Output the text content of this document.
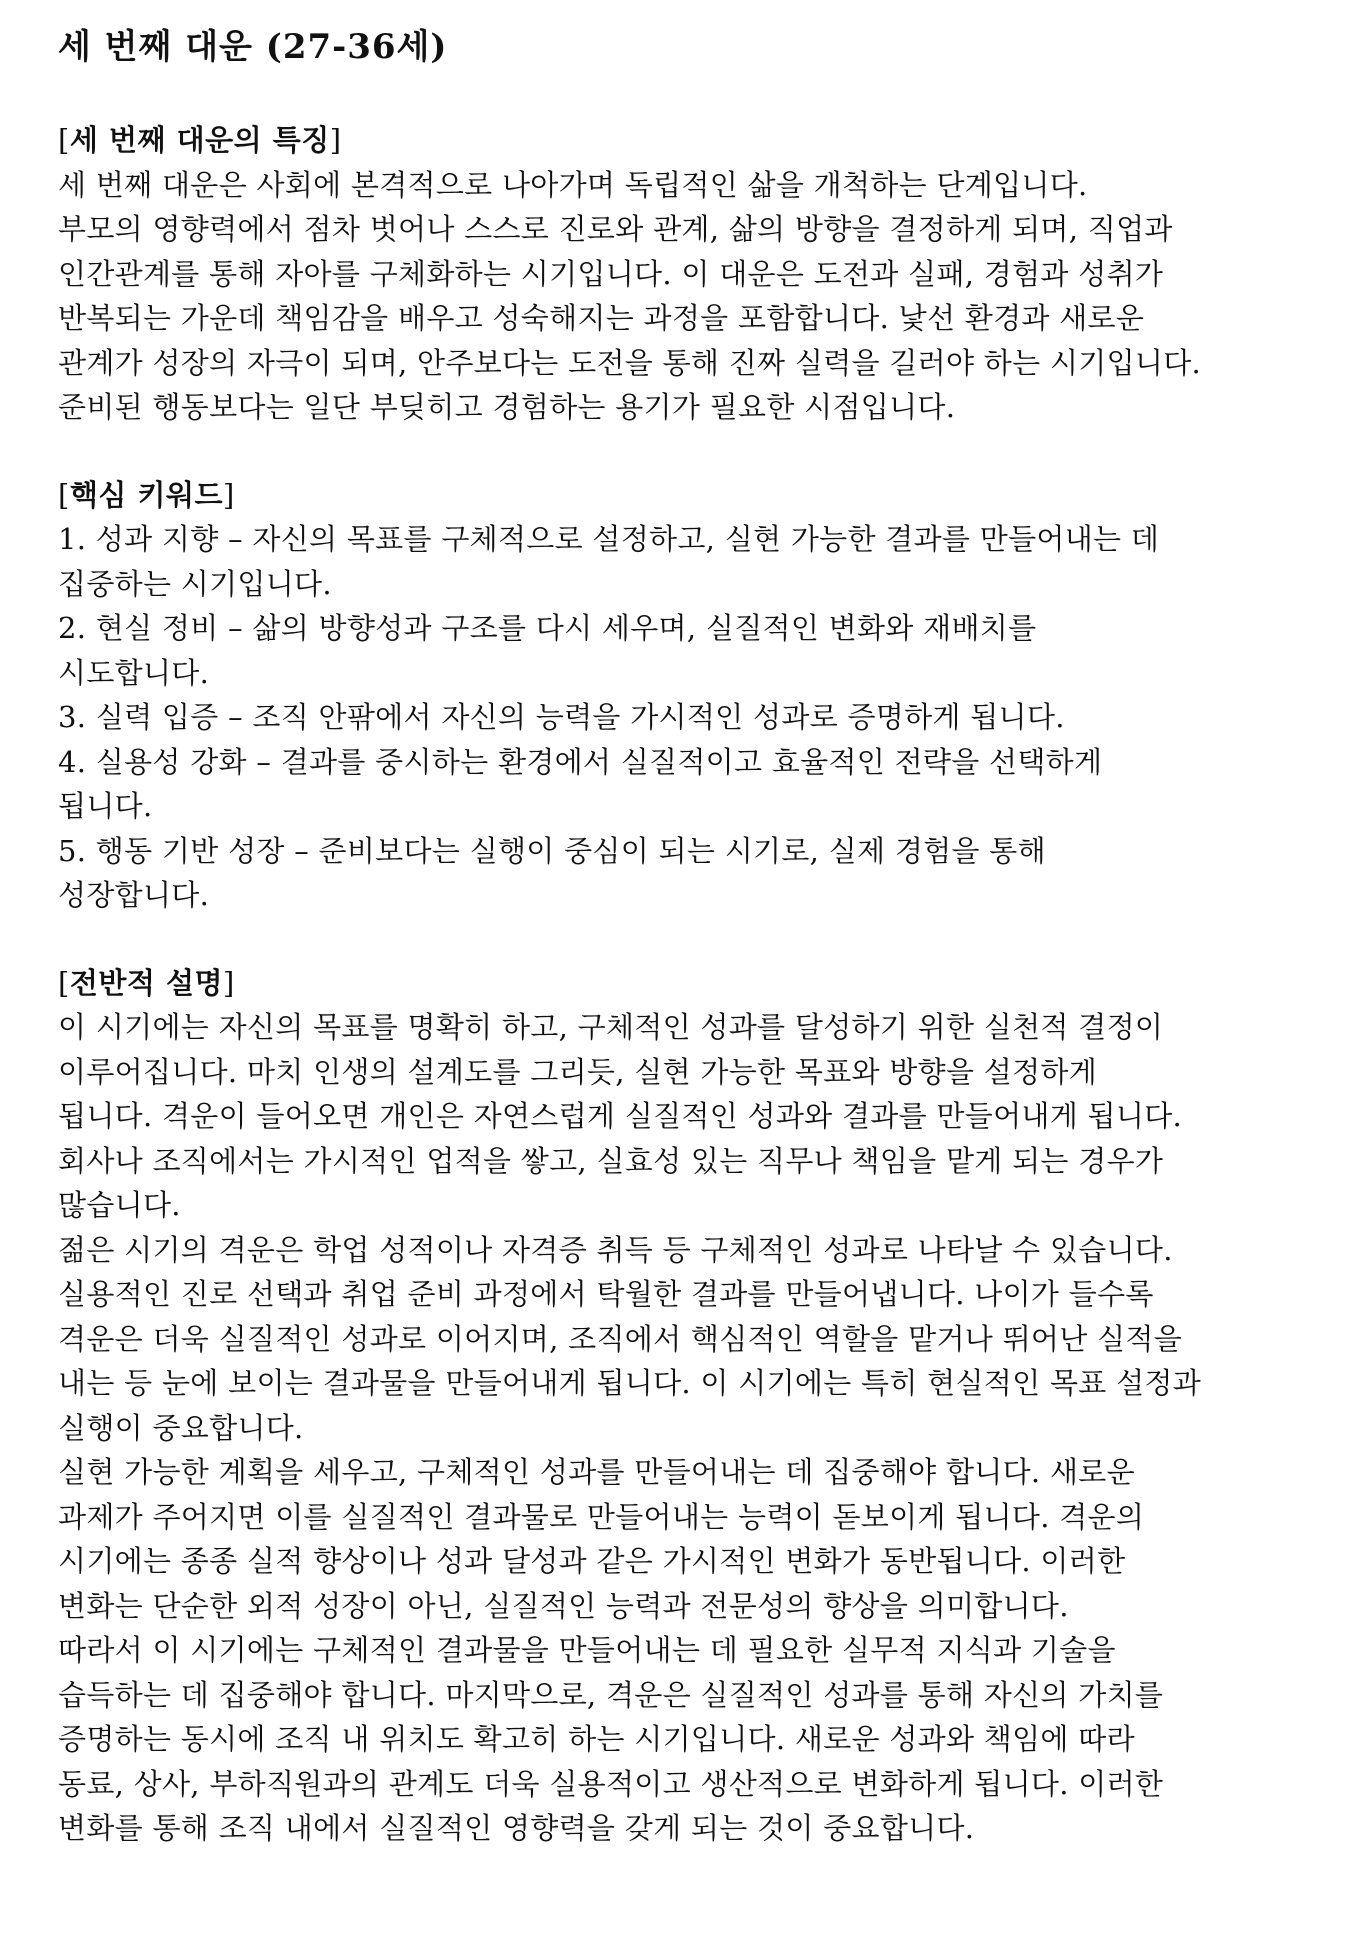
세 번째 대운 (27-36세)
[세 번째 대운의 특징]
세 번째 대운은 사회에 본격적으로 나아가며 독립적인 삶을 개척하는 단계입니다.
부모의 영향력에서 점차 벗어나 스스로 진로와 관계, 삶의 방향을 결정하게 되며, 직업과
인간관계를 통해 자아를 구체화하는 시기입니다. 이 대운은 도전과 실패, 경험과 성취가
반복되는 가운데 책임감을 배우고 성숙해지는 과정을 포함합니다. 낯선 환경과 새로운
관계가 성장의 자극이 되며, 안주보다는 도전을 통해 진짜 실력을 길러야 하는 시기입니다.
준비된 행동보다는 일단 부딪히고 경험하는 용기가 필요한 시점입니다.
[핵심 키워드]
1. 성과 지향 – 자신의 목표를 구체적으로 설정하고, 실현 가능한 결과를 만들어내는 데
집중하는 시기입니다.
2. 현실 정비 – 삶의 방향성과 구조를 다시 세우며, 실질적인 변화와 재배치를
시도합니다.
3. 실력 입증 – 조직 안팎에서 자신의 능력을 가시적인 성과로 증명하게 됩니다.
4. 실용성 강화 – 결과를 중시하는 환경에서 실질적이고 효율적인 전략을 선택하게
됩니다.
5. 행동 기반 성장 – 준비보다는 실행이 중심이 되는 시기로, 실제 경험을 통해
성장합니다.
[전반적 설명]
이 시기에는 자신의 목표를 명확히 하고, 구체적인 성과를 달성하기 위한 실천적 결정이
이루어집니다. 마치 인생의 설계도를 그리듯, 실현 가능한 목표와 방향을 설정하게
됩니다. 격운이 들어오면 개인은 자연스럽게 실질적인 성과와 결과를 만들어내게 됩니다.
회사나 조직에서는 가시적인 업적을 쌓고, 실효성 있는 직무나 책임을 맡게 되는 경우가
많습니다.
젊은 시기의 격운은 학업 성적이나 자격증 취득 등 구체적인 성과로 나타날 수 있습니다.
실용적인 진로 선택과 취업 준비 과정에서 탁월한 결과를 만들어냅니다. 나이가 들수록
격운은 더욱 실질적인 성과로 이어지며, 조직에서 핵심적인 역할을 맡거나 뛰어난 실적을
내는 등 눈에 보이는 결과물을 만들어내게 됩니다. 이 시기에는 특히 현실적인 목표 설정과
실행이 중요합니다.
실현 가능한 계획을 세우고, 구체적인 성과를 만들어내는 데 집중해야 합니다. 새로운
과제가 주어지면 이를 실질적인 결과물로 만들어내는 능력이 돋보이게 됩니다. 격운의
시기에는 종종 실적 향상이나 성과 달성과 같은 가시적인 변화가 동반됩니다. 이러한
변화는 단순한 외적 성장이 아닌, 실질적인 능력과 전문성의 향상을 의미합니다.
따라서 이 시기에는 구체적인 결과물을 만들어내는 데 필요한 실무적 지식과 기술을
습득하는 데 집중해야 합니다. 마지막으로, 격운은 실질적인 성과를 통해 자신의 가치를
증명하는 동시에 조직 내 위치도 확고히 하는 시기입니다. 새로운 성과와 책임에 따라
동료, 상사, 부하직원과의 관계도 더욱 실용적이고 생산적으로 변화하게 됩니다. 이러한
변화를 통해 조직 내에서 실질적인 영향력을 갖게 되는 것이 중요합니다.
